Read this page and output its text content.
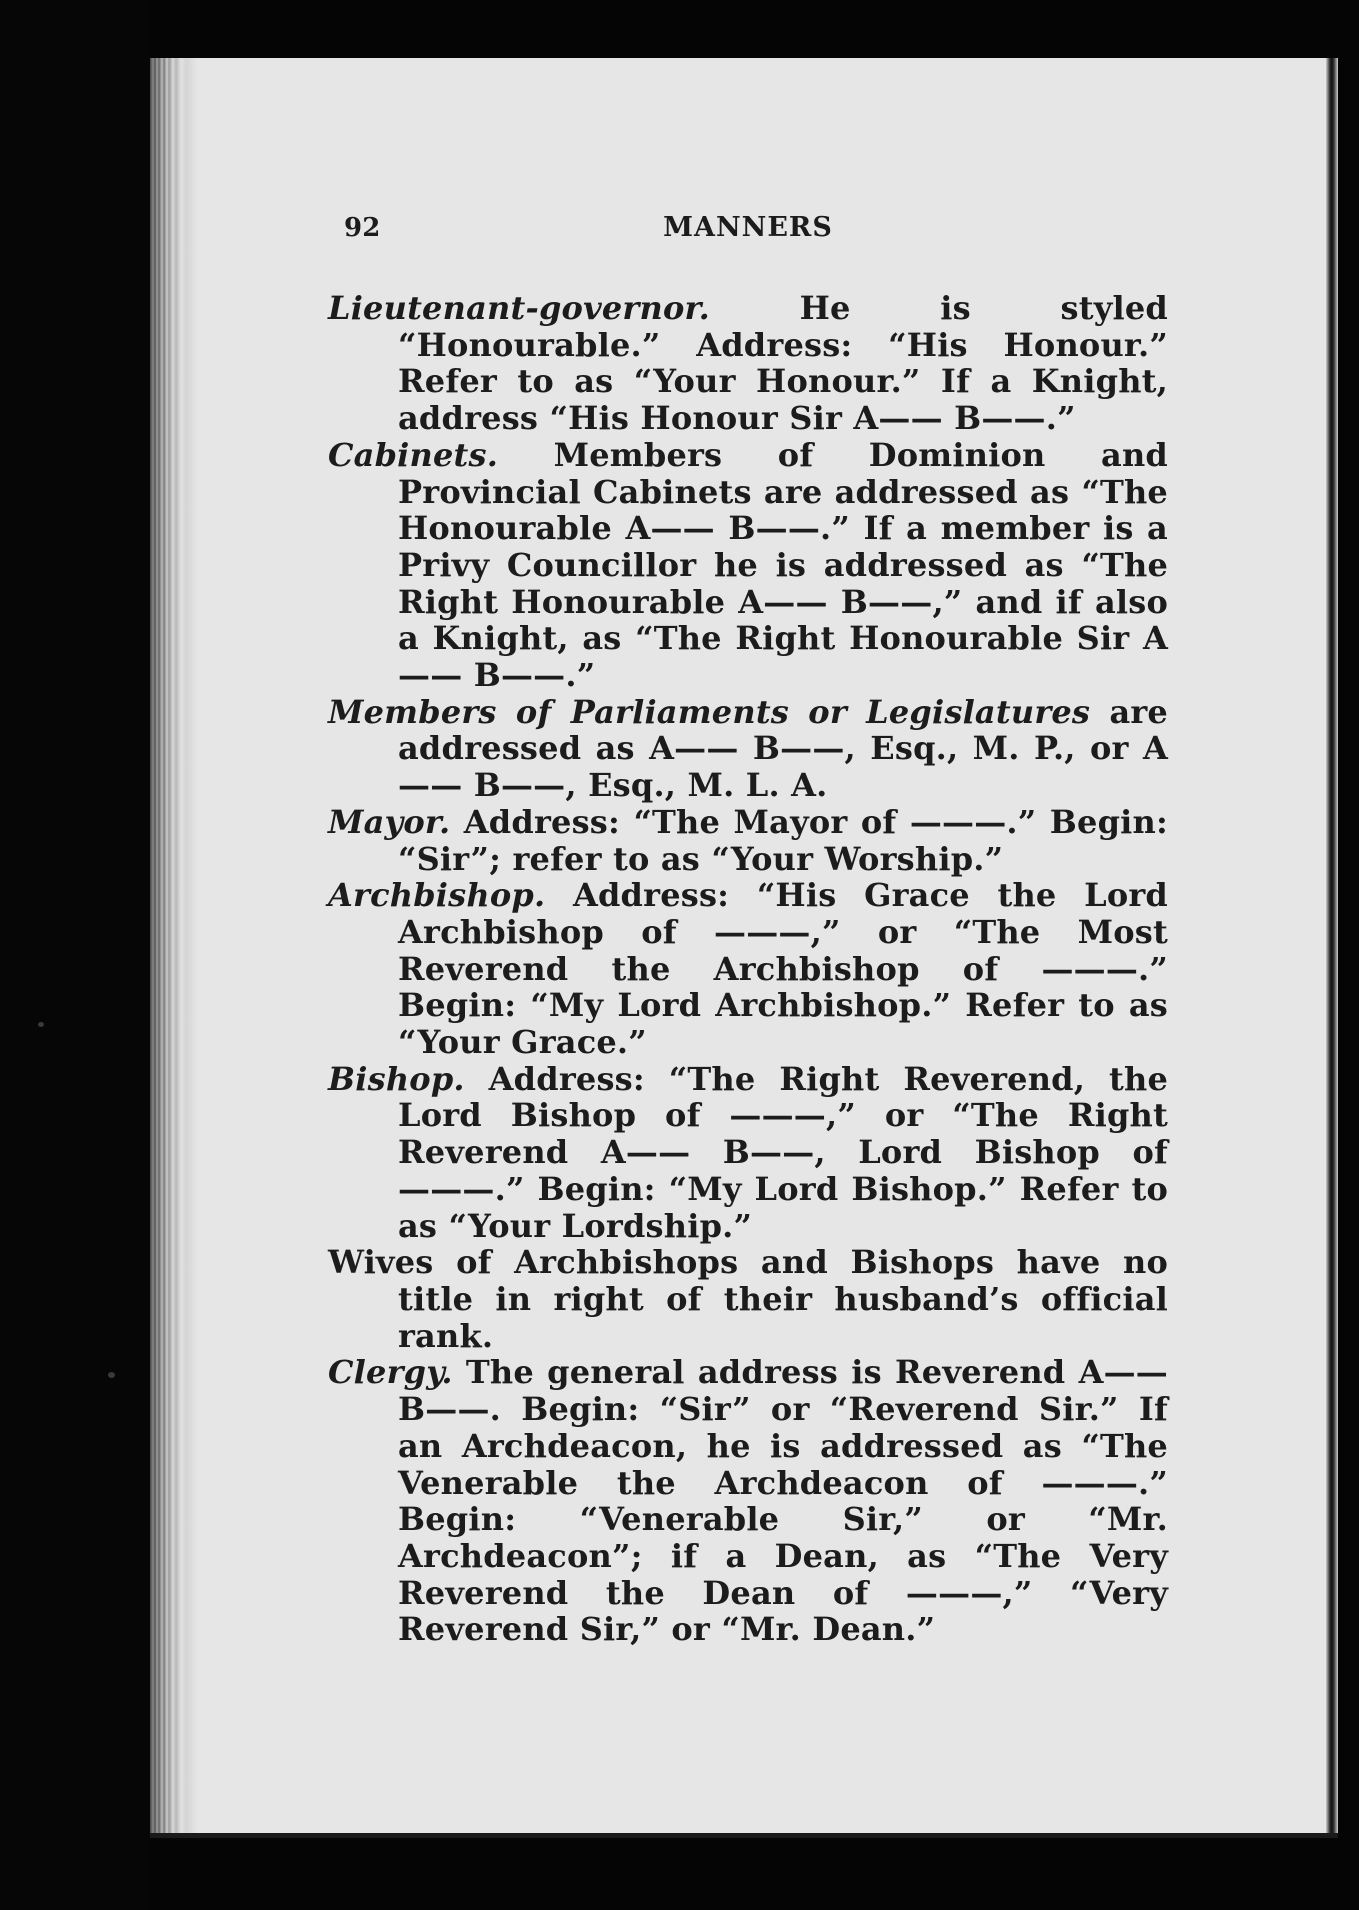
92	MANNERS

Lieutenant-governor.	He is styled “Honourable.” Address: “His Honour.” Refer to as “Your Honour.” If a Knight, address “His Honour Sir A—— B——.”

Cabinets. Members of Dominion and Provincial Cabinets are addressed as “The Honourable A—— B——.” If a member is a Privy Councillor he is addressed as “The Right Honourable A—— B——,” and if also a Knight, as “The Right Honourable Sir A—— B——.”

Members of Parliaments or Legislatures are addressed as A—— B——, Esq., M. P., or A—— B——, Esq., M. L. A.

Mayor. Address: “The Mayor of ———.” Begin: “Sir”; refer to as “Your Worship.”

Archbishop. Address: “His Grace the Lord Archbishop of ———,” or “The Most Reverend the Archbishop of ———.” Begin: “My Lord Archbishop.” Refer to as “Your Grace.”

Bishop. Address: “The Right Reverend, the Lord Bishop of ———,” or “The Right Reverend A—— B——, Lord Bishop of ———.” Begin: “My Lord Bishop.” Refer to as “Your Lordship.”

Wives of Archbishops and Bishops have no title in right of their husband’s official rank.

Clergy. The general address is Reverend A—— B——. Begin: “Sir” or “Reverend Sir.” If an Archdeacon, he is addressed as “The Venerable the Archdeacon of ———.” Begin: “Venerable Sir,” or “Mr. Archdeacon”; if a Dean, as “The Very Reverend the Dean of ———,” “Very Reverend Sir,” or “Mr. Dean.”
